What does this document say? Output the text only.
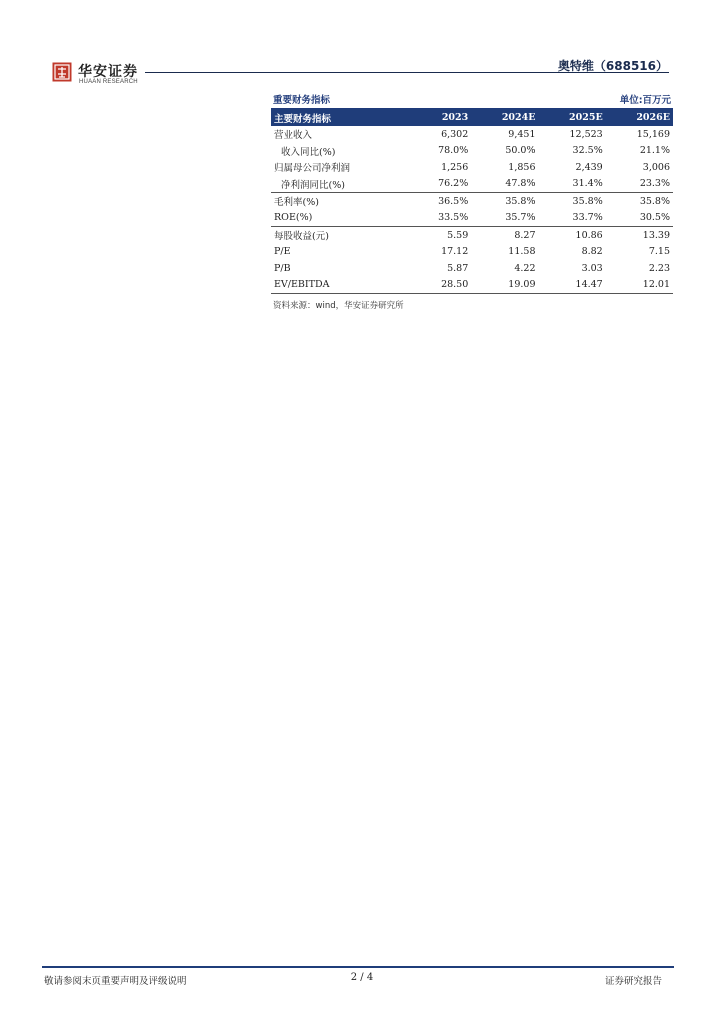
华安证券
HUAAN RESEARCH
奥特维（688516）
重要财务指标	单位:百万元
主要财务指标	2023	2024E	2025E	2026E
营业收入	6,302	9,451	12,523	15,169
收入同比(%)	78.0%	50.0%	32.5%	21.1%
归属母公司净利润	1,256	1,856	2,439	3,006
净利润同比(%)	76.2%	47.8%	31.4%	23.3%
毛利率(%)	36.5%	35.8%	35.8%	35.8%
ROE(%)	33.5%	35.7%	33.7%	30.5%
每股收益(元)	5.59	8.27	10.86	13.39
P/E	17.12	11.58	8.82	7.15
P/B	5.87	4.22	3.03	2.23
EV/EBITDA	28.50	19.09	14.47	12.01
资料来源：wind，华安证券研究所
敬请参阅末页重要声明及评级说明	2 / 4	证券研究报告
